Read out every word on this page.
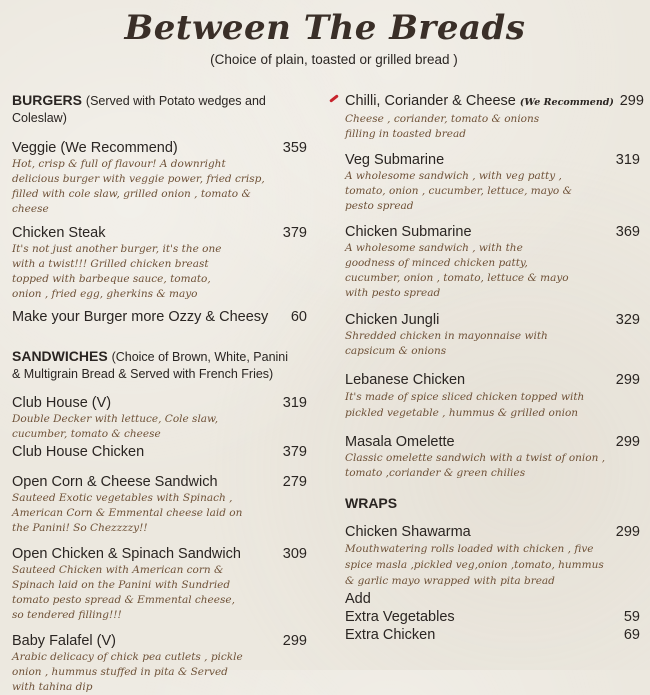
Between The Breads
(Choice of plain, toasted or grilled bread )
BURGERS (Served with Potato wedges and Coleslaw)
Veggie (We Recommend)	359
Hot, crisp & full of flavour! A downright delicious burger with veggie power, fried crisp, filled with cole slaw, grilled onion , tomato & cheese
Chicken Steak	379
It's not just another burger, it's the one with a twist!!! Grilled chicken breast topped with barbeque sauce, tomato, onion , fried egg, gherkins & mayo
Make your Burger more Ozzy & Cheesy	60
SANDWICHES (Choice of Brown, White, Panini & Multigrain Bread & Served with French Fries)
Club House (V)	319
Double Decker with lettuce, Cole slaw, cucumber, tomato & cheese
Club House Chicken	379
Open Corn & Cheese Sandwich	279
Sauteed Exotic vegetables with Spinach , American Corn & Emmental cheese laid on the Panini! So Chezzzzy!!
Open Chicken & Spinach Sandwich	309
Sauteed Chicken with American corn & Spinach laid on the Panini with Sundried tomato pesto spread & Emmental cheese, so tendered filling!!!
Baby Falafel (V)	299
Arabic delicacy of chick pea cutlets , pickle onion , hummus stuffed in pita & Served with tahina dip
Chilli, Coriander & Cheese (We Recommend) 299
Cheese , coriander, tomato & onions filling in toasted bread
Veg Submarine	319
A wholesome sandwich , with veg patty , tomato, onion , cucumber, lettuce, mayo & pesto spread
Chicken Submarine	369
A wholesome sandwich , with the goodness of minced chicken patty, cucumber, onion , tomato, lettuce & mayo with pesto spread
Chicken Jungli	329
Shredded chicken in mayonnaise with capsicum & onions
Lebanese Chicken	299
It's made of spice sliced chicken topped with pickled vegetable , hummus & grilled onion
Masala Omelette	299
Classic omelette sandwich with a twist of onion , tomato ,coriander & green chilies
WRAPS
Chicken Shawarma	299
Mouthwatering rolls loaded with chicken , five spice masla ,pickled veg,onion ,tomato, hummus & garlic mayo wrapped with pita bread
Add
Extra Vegetables	59
Extra Chicken	69
